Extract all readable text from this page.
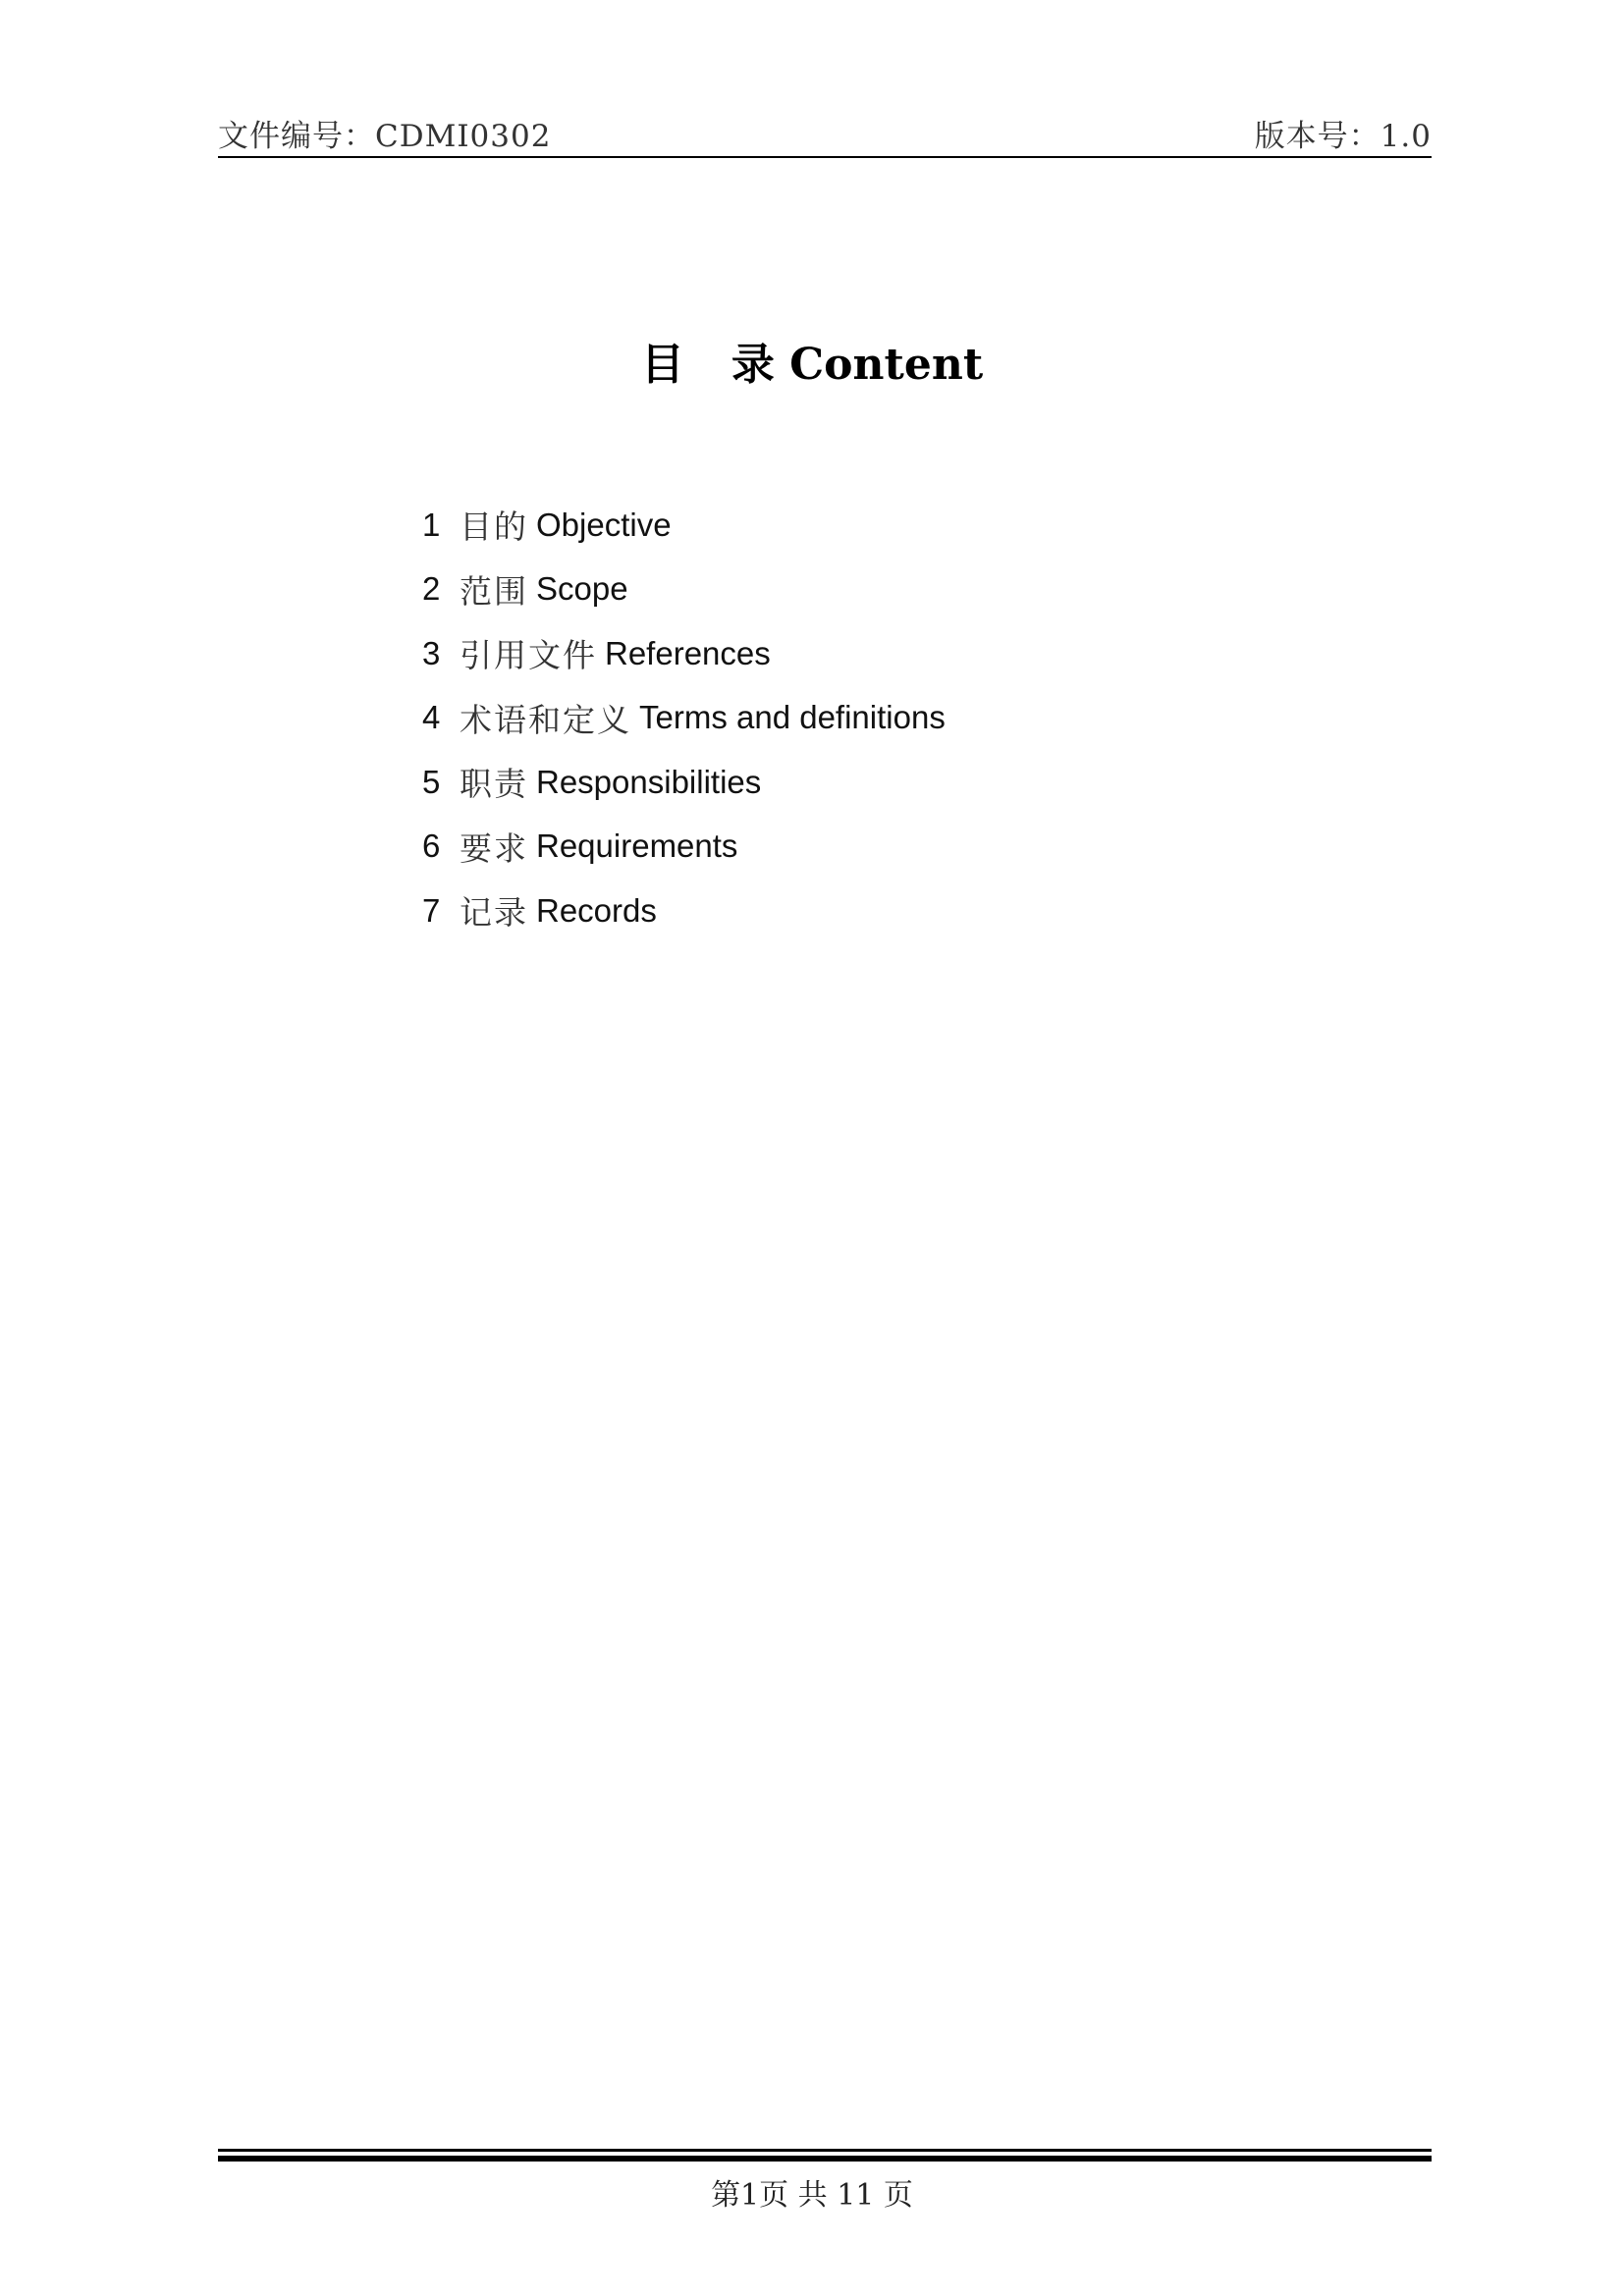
文件编号：CDMI0302	版本号：1.0
目 录 Content
1 目的 Objective
2 范围 Scope
3 引用文件 References
4 术语和定义 Terms and definitions
5 职责 Responsibilities
6 要求 Requirements
7 记录 Records
第1页 共 11 页
